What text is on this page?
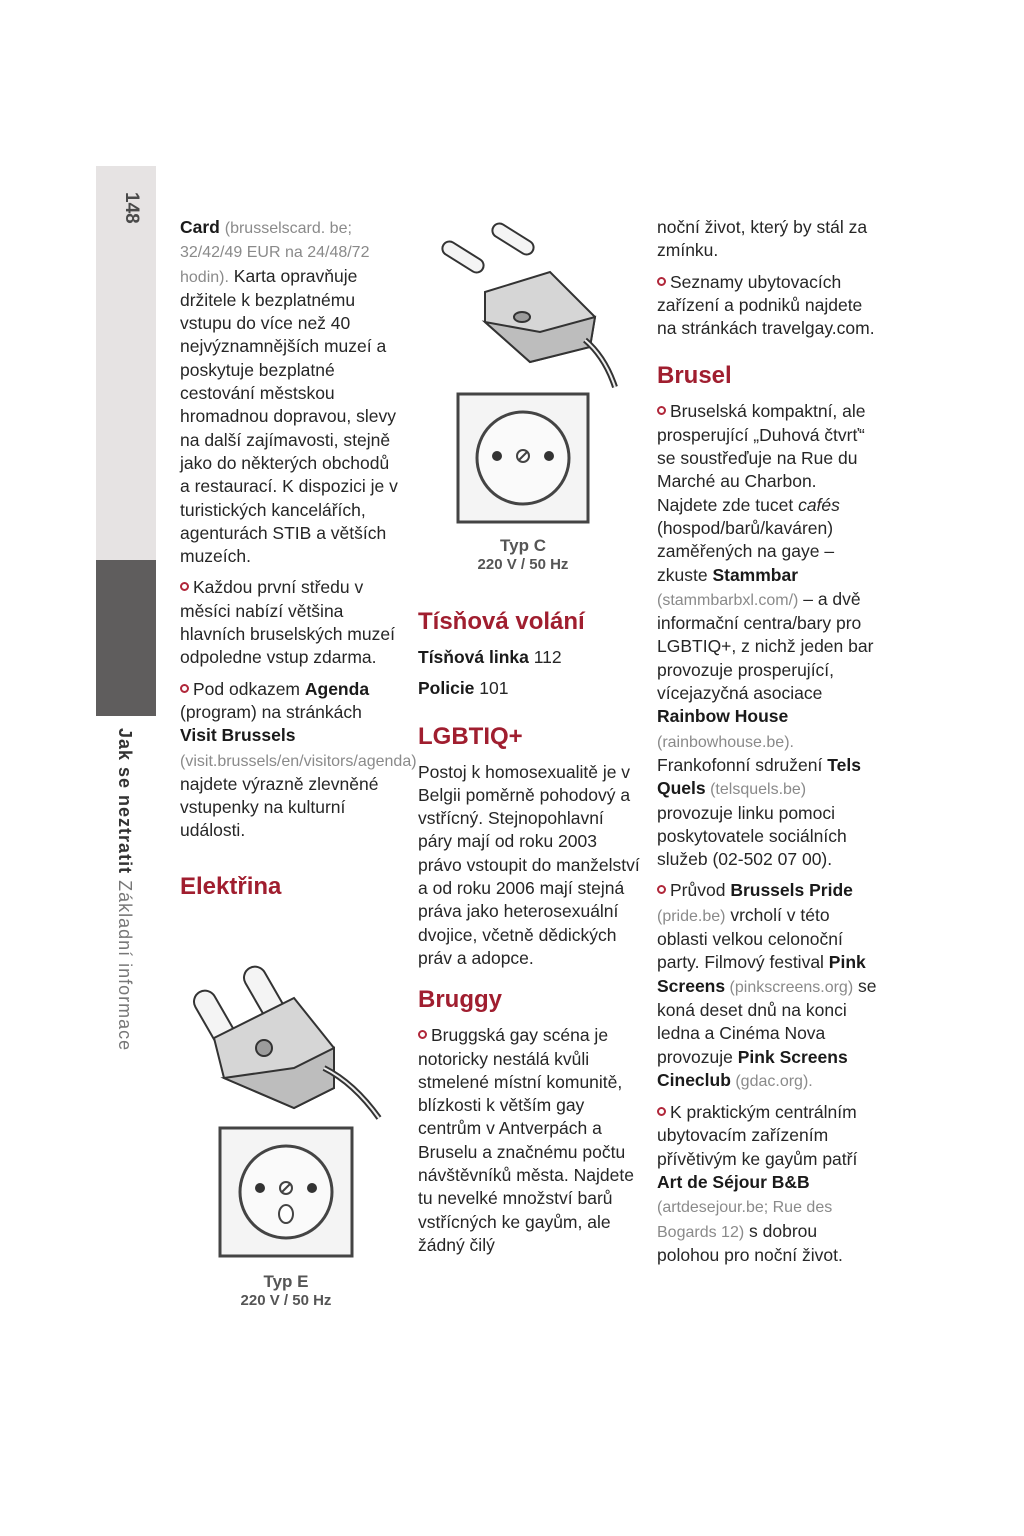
148
Jak se neztratit Základní informace

Card (brusselscard. be; 32/42/49 EUR na 24/48/72 hodin). Karta opravňuje držitele k bezplatnému vstupu do více než 40 nejvýznamnějších muzeí a poskytuje bezplatné cestování městskou hromadnou dopravou, slevy na další zajímavosti, stejně jako do některých obchodů a restaurací. K dispozici je v turistických kancelářích, agenturách STIB a větších muzeích.

Každou první středu v měsíci nabízí většina hlavních bruselských muzeí odpoledne vstup zdarma.

Pod odkazem Agenda (program) na stránkách Visit Brussels (visit.brussels/en/visitors/agenda) najdete výrazně zlevněné vstupenky na kulturní události.

Elektřina
Typ E
220 V / 50 Hz
Typ C
220 V / 50 Hz
Tísňová volání

Tísňová linka 112

Policie 101

LGBTIQ+

Postoj k homosexualitě je v Belgii poměrně pohodový a vstřícný. Stejnopohlavní páry mají od roku 2003 právo vstoupit do manželství a od roku 2006 mají stejná práva jako heterosexuální dvojice, včetně dědických práv a adopce.

Bruggy

Bruggská gay scéna je notoricky nestálá kvůli stmelené místní komunitě, blízkosti k větším gay centrům v Antverpách a Bruselu a značnému počtu návštěvníků města. Najdete tu nevelké množství barů vstřícných ke gayům, ale žádný čilý

noční život, který by stál za zmínku.

Seznamy ubytovacích zařízení a podniků najdete na stránkách travelgay.com.

Brusel

Bruselská kompaktní, ale prosperující „Duhová čtvrť“ se soustřeďuje na Rue du Marché au Charbon. Najdete zde tucet cafés (hospod/barů/kaváren) zaměřených na gaye – zkuste Stammbar (stammbarbxl.com/) – a dvě informační centra/bary pro LGBTIQ+, z nichž jeden bar provozuje prosperující, vícejazyčná asociace Rainbow House (rainbowhouse.be). Frankofonní sdružení Tels Quels (telsquels.be) provozuje linku pomoci poskytovatele sociálních služeb (02-502 07 00).

Průvod Brussels Pride (pride.be) vrcholí v této oblasti velkou celonoční party. Filmový festival Pink Screens (pinkscreens.org) se koná deset dnů na konci ledna a Cinéma Nova provozuje Pink Screens Cineclub (gdac.org).

K praktickým centrálním ubytovacím zařízením přívětivým ke gayům patří Art de Séjour B&B (artdesejour.be; Rue des Bogards 12) s dobrou polohou pro noční život.
